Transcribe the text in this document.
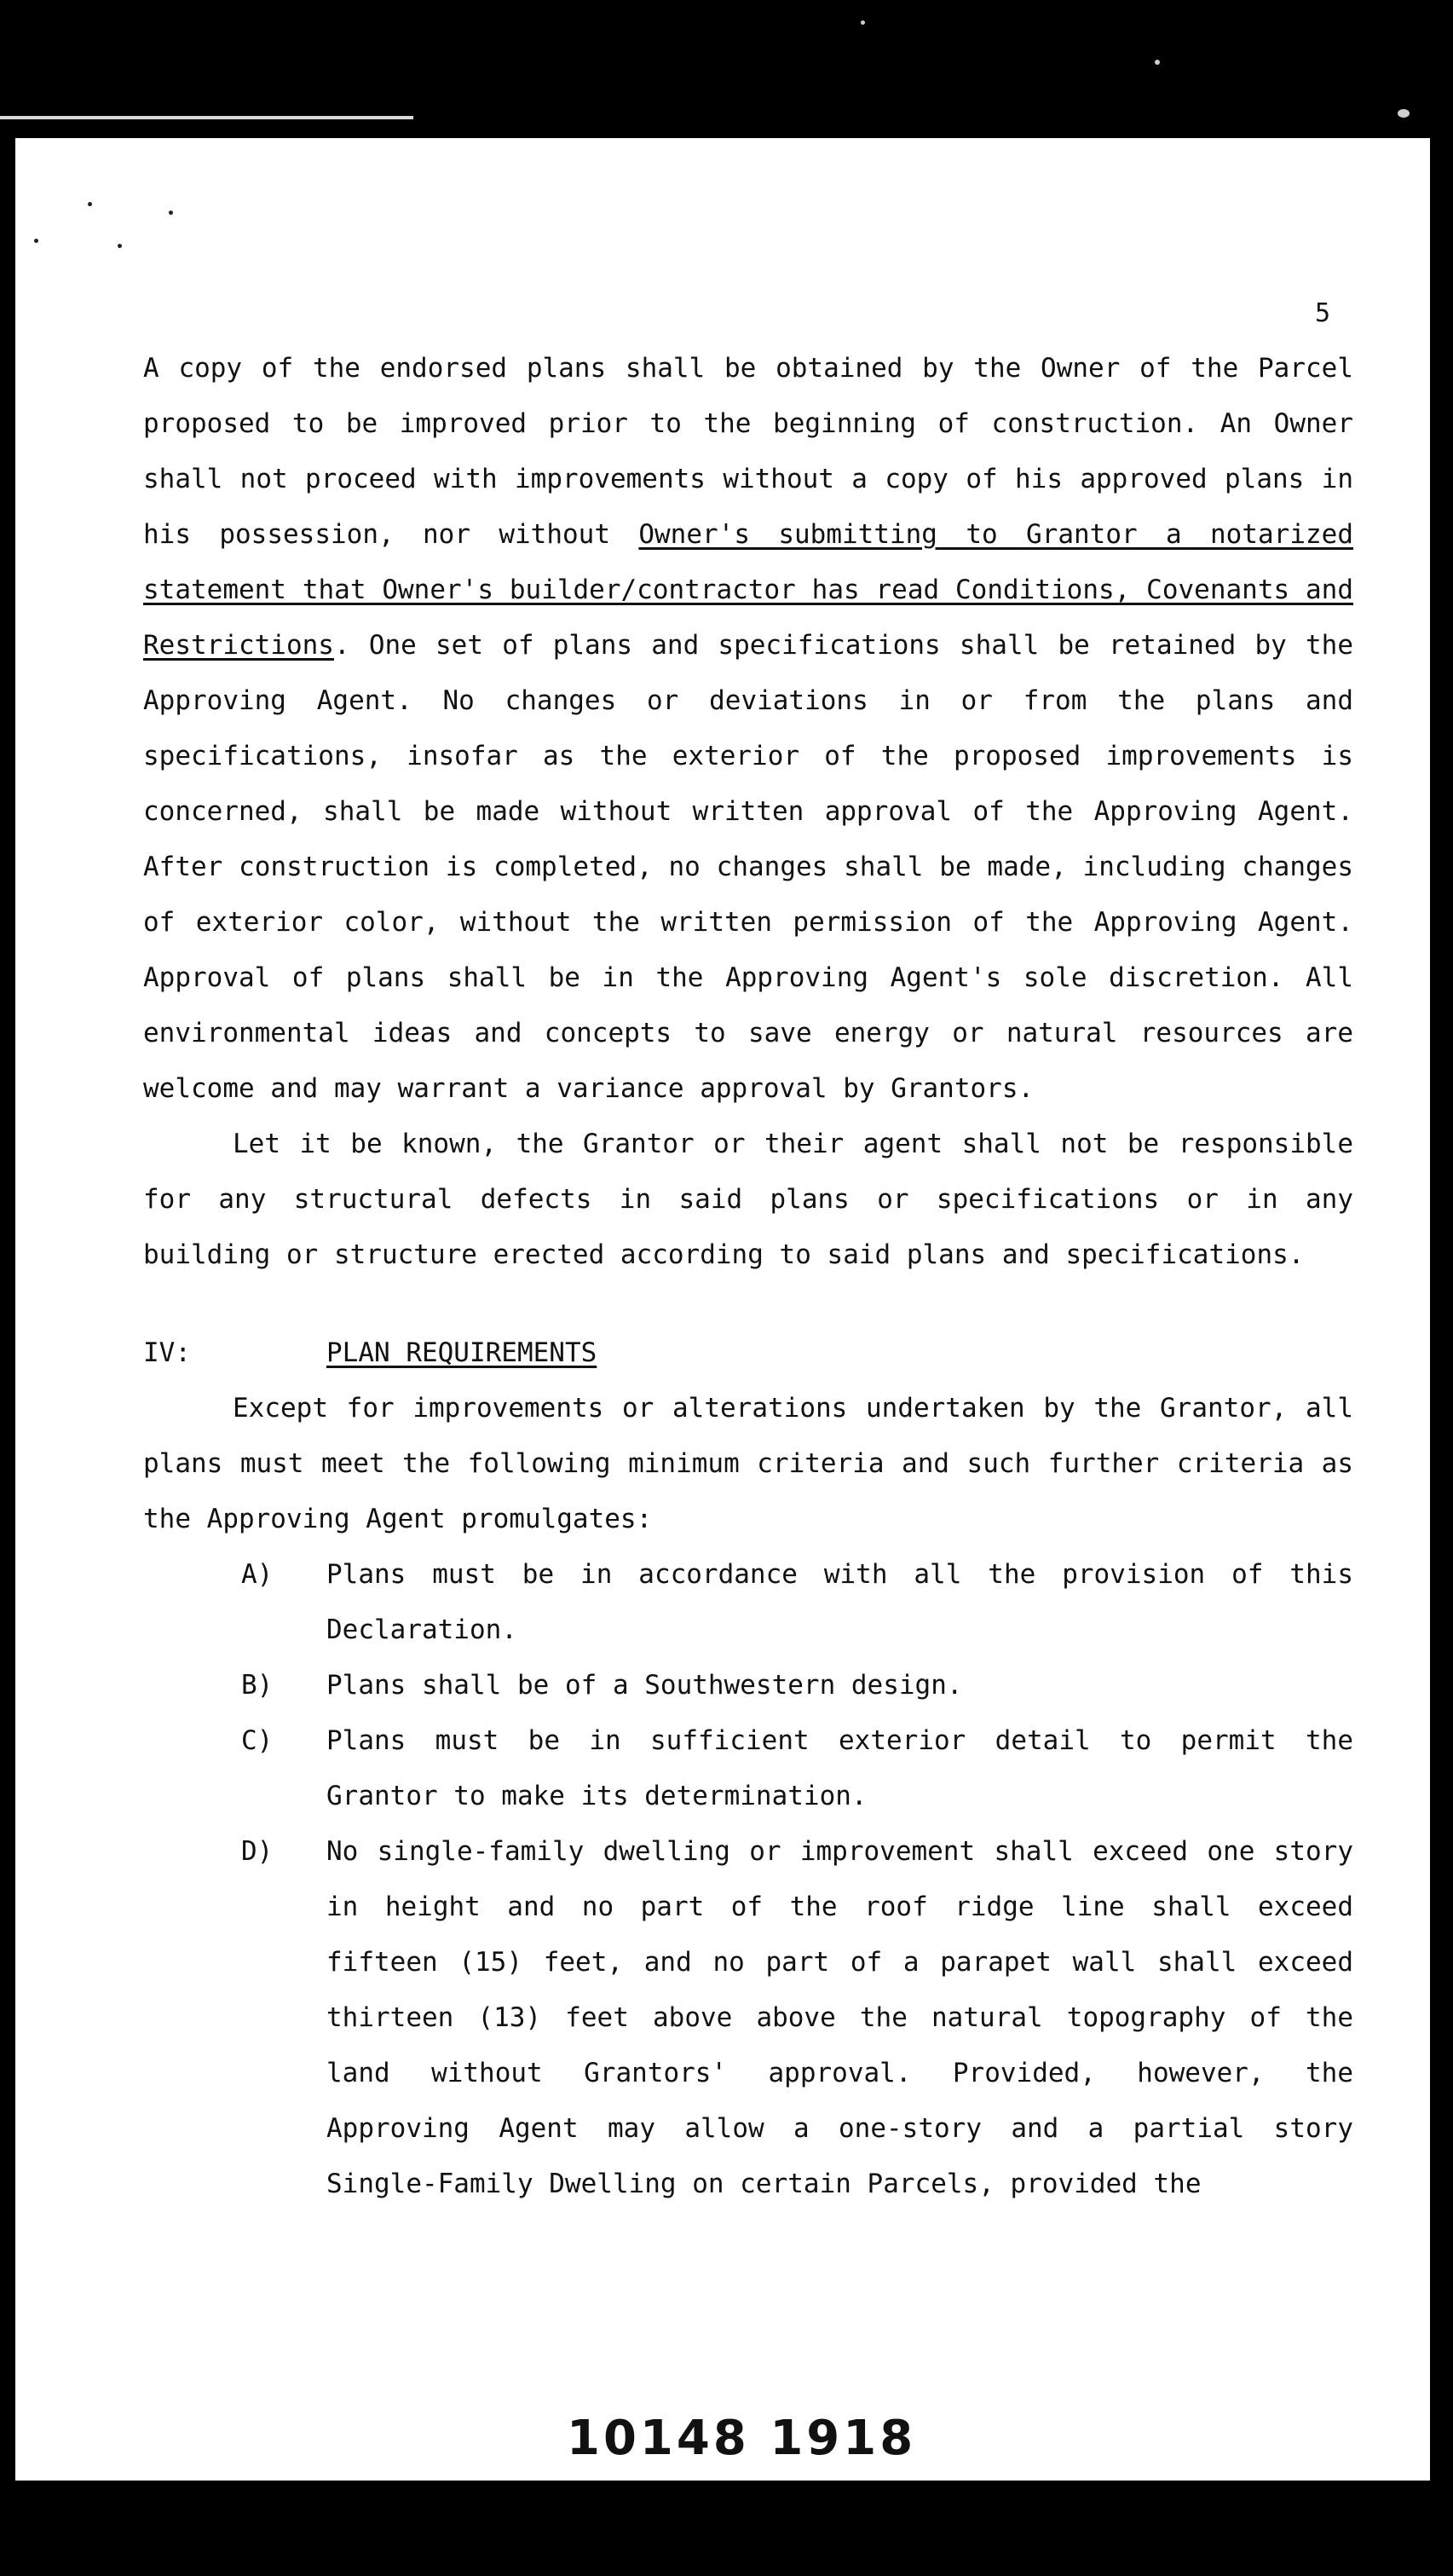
5

A copy of the endorsed plans shall be obtained by the Owner of the Parcel proposed to be improved prior to the beginning of construction. An Owner shall not proceed with improvements without a copy of his approved plans in his possession, nor without Owner's submitting to Grantor a notarized statement that Owner's builder/contractor has read Conditions, Covenants and Restrictions. One set of plans and specifications shall be retained by the Approving Agent. No changes or deviations in or from the plans and specifications, insofar as the exterior of the proposed improvements is concerned, shall be made without written approval of the Approving Agent. After construction is completed, no changes shall be made, including changes of exterior color, without the written permission of the Approving Agent. Approval of plans shall be in the Approving Agent's sole discretion. All environmental ideas and concepts to save energy or natural resources are welcome and may warrant a variance approval by Grantors.

Let it be known, the Grantor or their agent shall not be responsible for any structural defects in said plans or specifications or in any building or structure erected according to said plans and specifications.

IV:	PLAN REQUIREMENTS

Except for improvements or alterations undertaken by the Grantor, all plans must meet the following minimum criteria and such further criteria as the Approving Agent promulgates:

A) Plans must be in accordance with all the provision of this Declaration.

B) Plans shall be of a Southwestern design.

C) Plans must be in sufficient exterior detail to permit the Grantor to make its determination.

D) No single-family dwelling or improvement shall exceed one story in height and no part of the roof ridge line shall exceed fifteen (15) feet, and no part of a parapet wall shall exceed thirteen (13) feet above above the natural topography of the land without Grantors' approval. Provided, however, the Approving Agent may allow a one-story and a partial story Single-Family Dwelling on certain Parcels, provided the

10148 1918
